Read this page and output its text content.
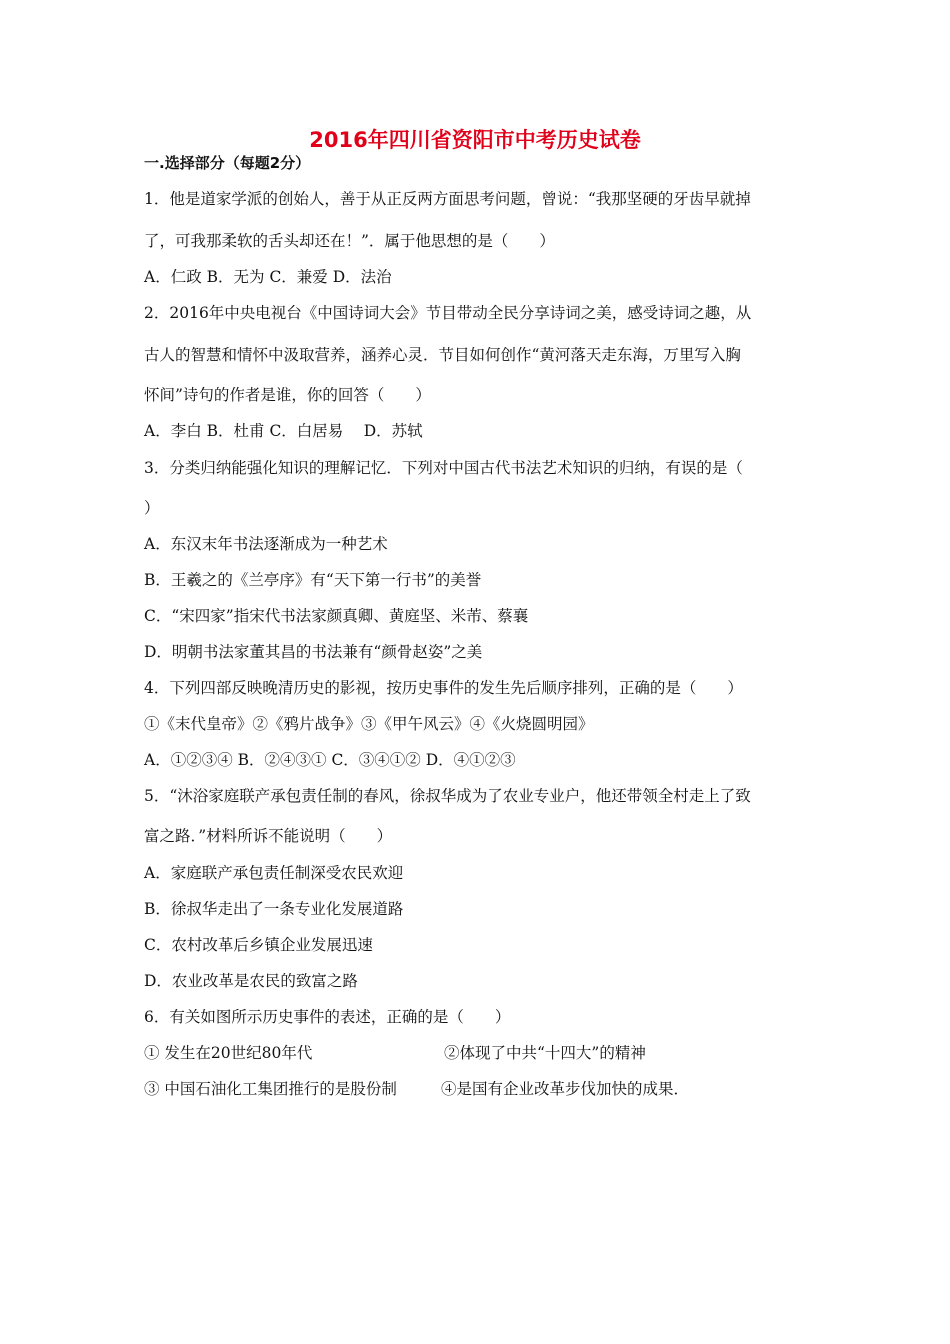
2016年四川省资阳市中考历史试卷
一.选择部分（每题2分）
1．他是道家学派的创始人，善于从正反两方面思考问题，曾说：“我那坚硬的牙齿早就掉
了，可我那柔软的舌头却还在！”．属于他思想的是（　　）
A．仁政 B．无为 C．兼爱 D．法治
2．2016年中央电视台《中国诗词大会》节目带动全民分享诗词之美，感受诗词之趣，从
古人的智慧和情怀中汲取营养，涵养心灵．节目如何创作“黄河落天走东海，万里写入胸
怀间”诗句的作者是谁，你的回答（　　）
A．李白 B．杜甫 C．白居易　 D．苏轼
3．分类归纳能强化知识的理解记忆．下列对中国古代书法艺术知识的归纳，有误的是（
）
A．东汉末年书法逐渐成为一种艺术
B．王羲之的《兰亭序》有“天下第一行书”的美誉
C．“宋四家”指宋代书法家颜真卿、黄庭坚、米芾、蔡襄
D．明朝书法家董其昌的书法兼有“颜骨赵姿”之美
4．下列四部反映晚清历史的影视，按历史事件的发生先后顺序排列，正确的是（　　）
①《末代皇帝》②《鸦片战争》③《甲午风云》④《火烧圆明园》
A．①②③④ B．②④③① C．③④①② D．④①②③
5．“沐浴家庭联产承包责任制的春风，徐叔华成为了农业专业户，他还带领全村走上了致
富之路．”材料所诉不能说明（　　）
A．家庭联产承包责任制深受农民欢迎
B．徐叔华走出了一条专业化发展道路
C．农村改革后乡镇企业发展迅速
D．农业改革是农民的致富之路
6．有关如图所示历史事件的表述，正确的是（　　）
① 发生在20世纪80年代	②体现了中共“十四大”的精神
③ 中国石油化工集团推行的是股份制	④是国有企业改革步伐加快的成果．
